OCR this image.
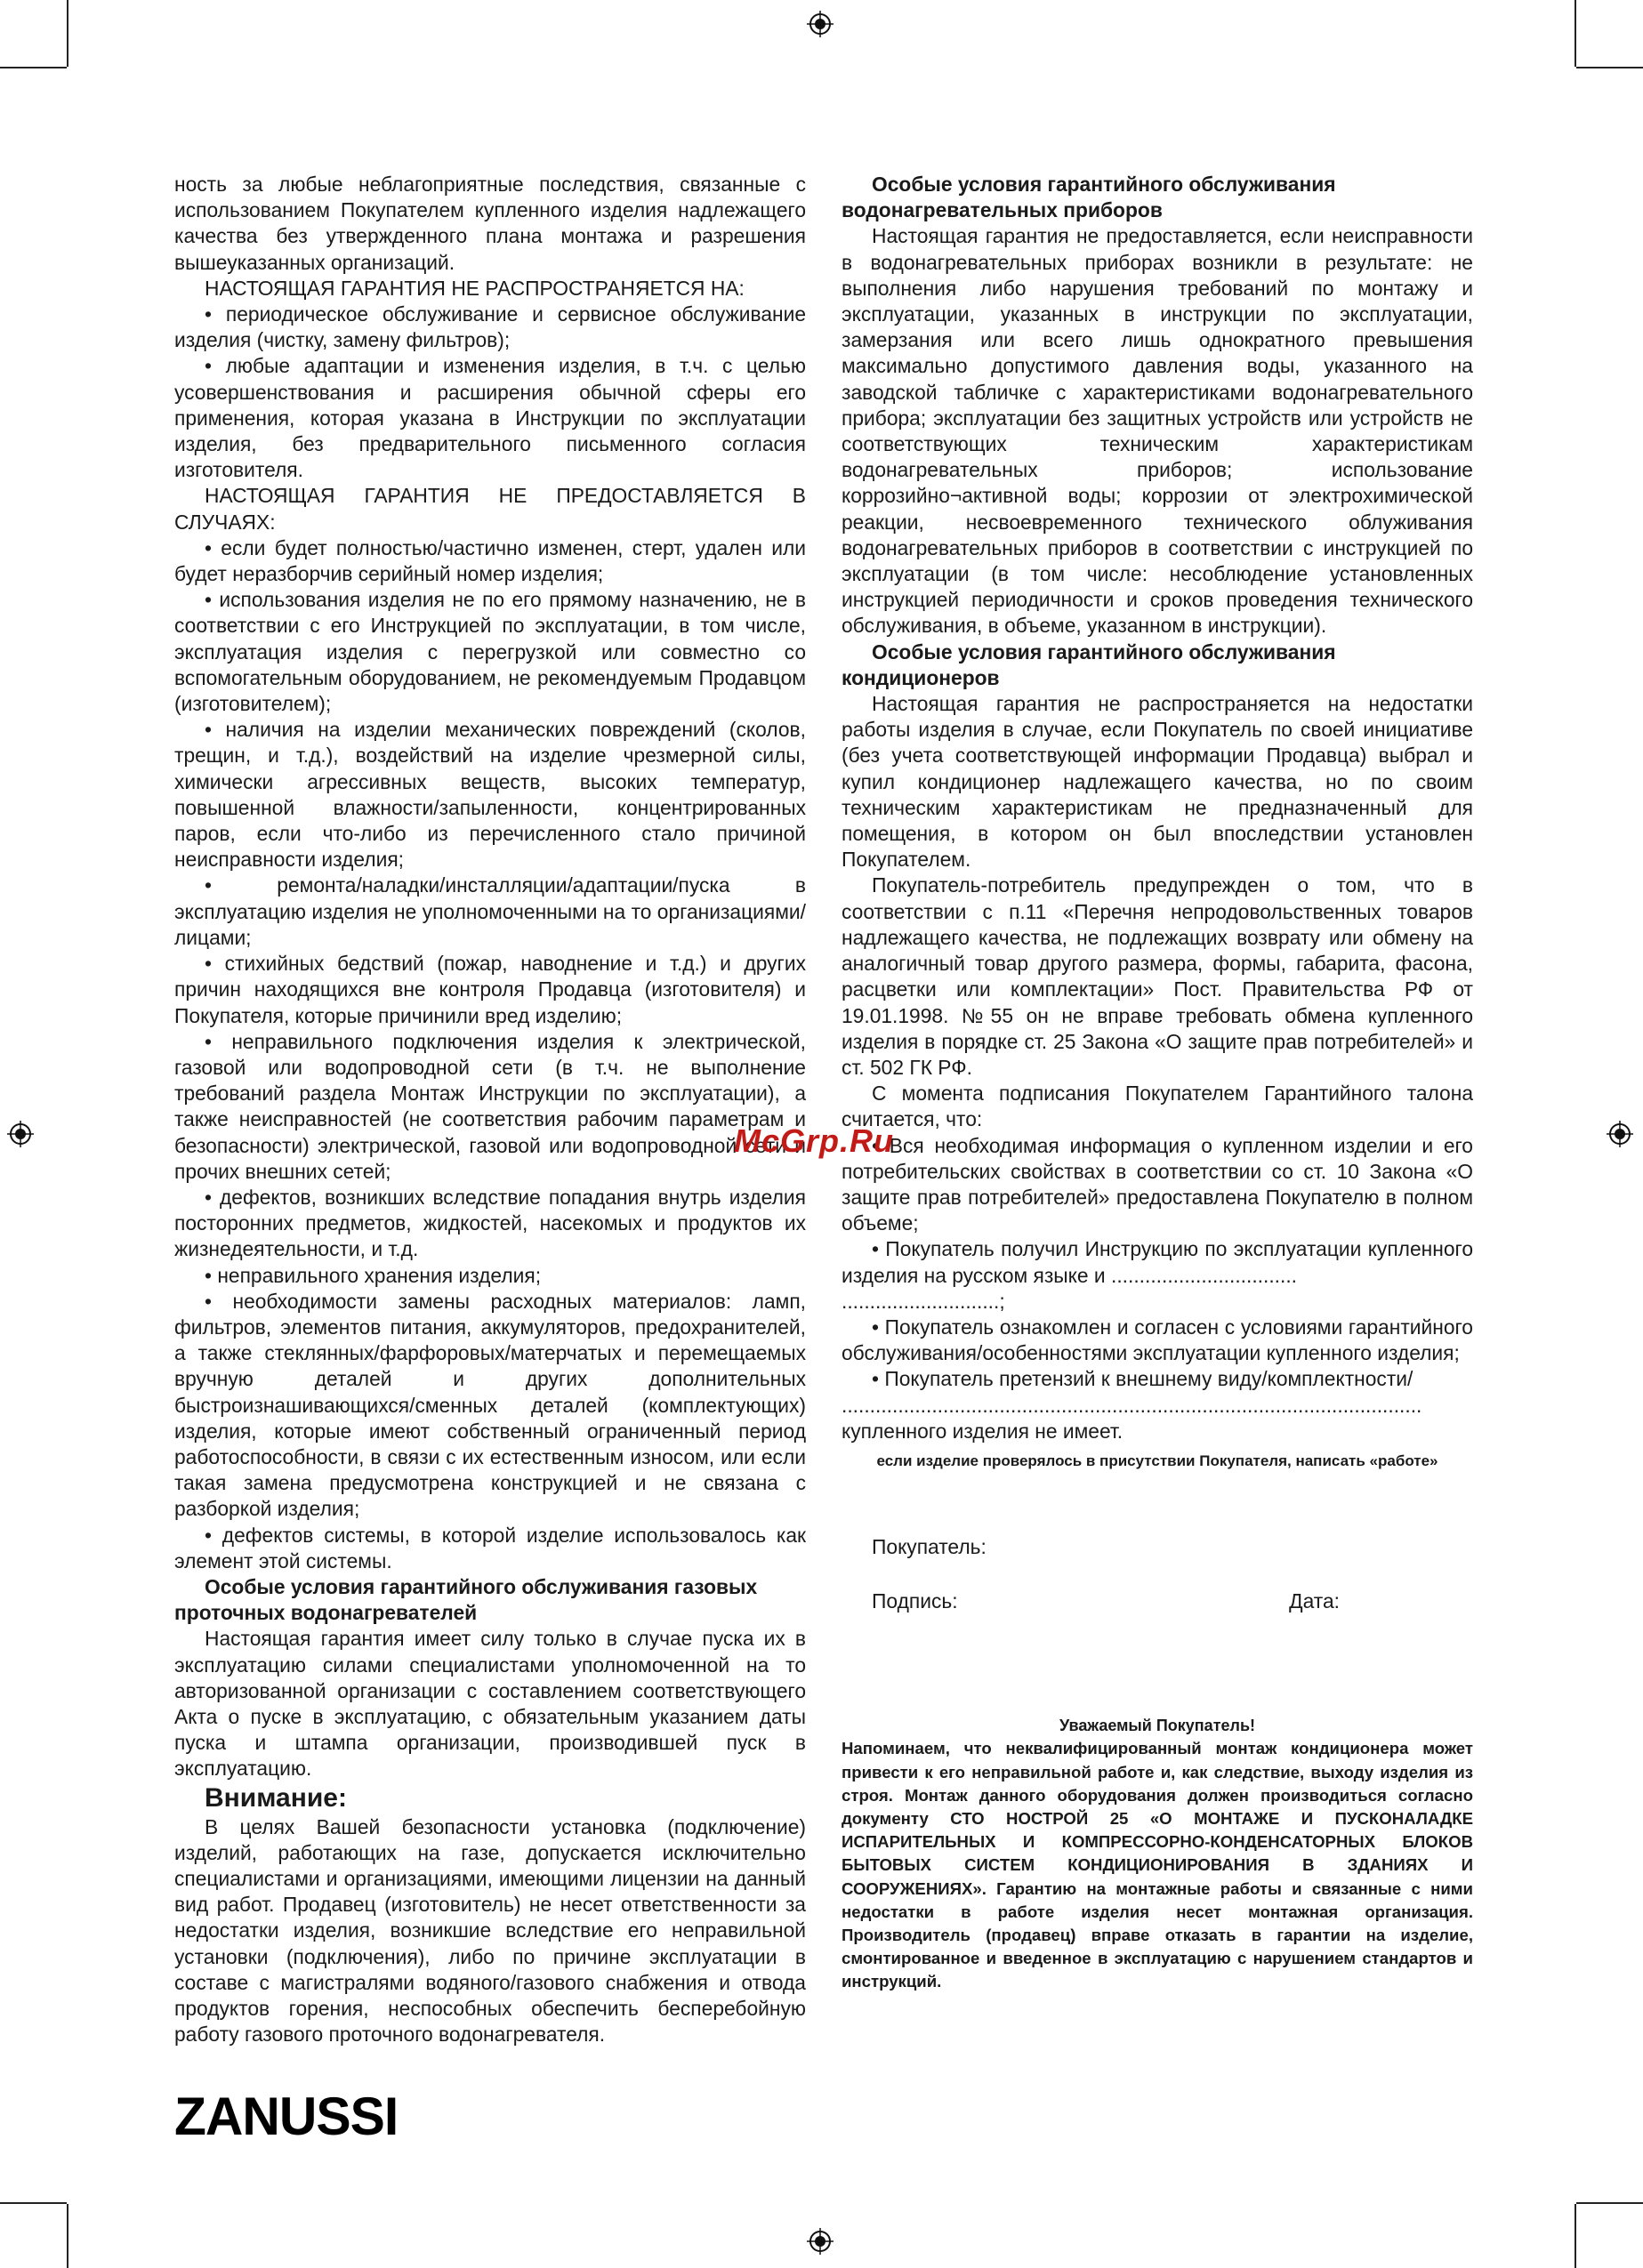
ность за любые неблагоприятные последствия, связанные с использованием Покупателем купленного изделия надлежащего качества без утвержденного плана монтажа и разрешения вышеуказанных организаций.

НАСТОЯЩАЯ ГАРАНТИЯ НЕ РАСПРОСТРАНЯЕТСЯ НА:

• периодическое обслуживание и сервисное обслуживание изделия (чистку, замену фильтров);

• любые адаптации и изменения изделия, в т.ч. с целью усовершенствования и расширения обычной сферы его применения, которая указана в Инструкции по эксплуатации изделия, без предварительного письменного согласия изготовителя.

НАСТОЯЩАЯ ГАРАНТИЯ НЕ ПРЕДОСТАВЛЯЕТСЯ В СЛУЧАЯХ:

• если будет полностью/частично изменен, стерт, удален или будет неразборчив серийный номер изделия;

• использования изделия не по его прямому назначению, не в соответствии с его Инструкцией по эксплуатации, в том числе, эксплуатация изделия с перегрузкой или совместно со вспомогательным оборудованием, не рекомендуемым Продавцом (изготовителем);

• наличия на изделии механических повреждений (сколов, трещин, и т.д.), воздействий на изделие чрезмерной силы, химически агрессивных веществ, высоких температур, повышенной влажности/запыленности, концентрированных паров, если что-либо из перечисленного стало причиной неисправности изделия;

• ремонта/наладки/инсталляции/адаптации/пуска в эксплуатацию изделия не уполномоченными на то организациями/лицами;

• стихийных бедствий (пожар, наводнение и т.д.) и других причин находящихся вне контроля Продавца (изготовителя) и Покупателя, которые причинили вред изделию;

• неправильного подключения изделия к электрической, газовой или водопроводной сети (в т.ч. не выполнение требований раздела Монтаж Инструкции по эксплуатации), а также неисправностей (не соответствия рабочим параметрам и безопасности) электрической, газовой или водопроводной сети и прочих внешних сетей;

• дефектов, возникших вследствие попадания внутрь изделия посторонних предметов, жидкостей, насекомых и продуктов их жизнедеятельности, и т.д.

• неправильного хранения изделия;

• необходимости замены расходных материалов: ламп, фильтров, элементов питания, аккумуляторов, предохранителей, а также стеклянных/фарфоровых/матерчатых и перемещаемых вручную деталей и других дополнительных быстроизнашивающихся/сменных деталей (комплектующих) изделия, которые имеют собственный ограниченный период работоспособности, в связи с их естественным износом, или если такая замена предусмотрена конструкцией и не связана с разборкой изделия;

• дефектов системы, в которой изделие использовалось как элемент этой системы.

Особые условия гарантийного обслуживания газовых проточных водонагревателей

Настоящая гарантия имеет силу только в случае пуска их в эксплуатацию силами специалистами уполномоченной на то авторизованной организации с составлением соответствующего Акта о пуске в эксплуатацию, с обязательным указанием даты пуска и штампа организации, производившей пуск в эксплуатацию.

Внимание:

В целях Вашей безопасности установка (подключение) изделий, работающих на газе, допускается исключительно специалистами и организациями, имеющими лицензии на данный вид работ. Продавец (изготовитель) не несет ответственности за недостатки изделия, возникшие вследствие его неправильной установки (подключения), либо по причине эксплуатации в составе с магистралями водяного/газового снабжения и отвода продуктов горения, неспособных обеспечить бесперебойную работу газового проточного водонагревателя.

Особые условия гарантийного обслуживания водонагревательных приборов

Настоящая гарантия не предоставляется, если неисправности в водонагревательных приборах возникли в результате: не выполнения либо нарушения требований по монтажу и эксплуатации, указанных в инструкции по эксплуатации, замерзания или всего лишь однократного превышения максимально допустимого давления воды, указанного на заводской табличке с характеристиками водонагревательного прибора; эксплуатации без защитных устройств или устройств не соответствующих техническим характеристикам водонагревательных приборов; использование коррозийно¬активной воды; коррозии от электрохимической реакции, несвоевременного технического облуживания водонагревательных приборов в соответствии с инструкцией по эксплуатации (в том числе: несоблюдение установленных инструкцией периодичности и сроков проведения технического обслуживания, в объеме, указанном в инструкции).

Особые условия гарантийного обслуживания кондиционеров

Настоящая гарантия не распространяется на недостатки работы изделия в случае, если Покупатель по своей инициативе (без учета соответствующей информации Продавца) выбрал и купил кондиционер надлежащего качества, но по своим техническим характеристикам не предназначенный для помещения, в котором он был впоследствии установлен Покупателем.

Покупатель-потребитель предупрежден о том, что в соответствии с п.11 «Перечня непродовольственных товаров надлежащего качества, не подлежащих возврату или обмену на аналогичный товар другого размера, формы, габарита, фасона, расцветки или комплектации» Пост. Правительства РФ от 19.01.1998. №55 он не вправе требовать обмена купленного изделия в порядке ст. 25 Закона «О защите прав потребителей» и ст. 502 ГК РФ.

С момента подписания Покупателем Гарантийного талона считается, что:

• Вся необходимая информация о купленном изделии и его потребительских свойствах в соответствии со ст. 10 Закона «О защите прав потребителей» предоставлена Покупателю в полном объеме;

• Покупатель получил Инструкцию по эксплуатации купленного изделия на русском языке и .................................

............................;

• Покупатель ознакомлен и согласен с условиями гарантийного обслуживания/особенностями эксплуатации купленного изделия;

• Покупатель претензий к внешнему виду/комплектности/

.......................................................................................................

купленного изделия не имеет.

если изделие проверялось в присутствии Покупателя, написать «работе»
Покупатель:
Подпись:	Дата:
Уважаемый Покупатель!
Напоминаем, что неквалифицированный монтаж кондиционера может привести к его неправильной работе и, как следствие, выходу изделия из строя. Монтаж данного оборудования должен производиться согласно документу СТО НОСТРОЙ 25 «О МОНТАЖЕ И ПУСКОНАЛАДКЕ ИСПАРИТЕЛЬНЫХ И КОМПРЕССОРНО-КОНДЕНСАТОРНЫХ БЛОКОВ БЫТОВЫХ СИСТЕМ КОНДИЦИОНИРОВАНИЯ В ЗДАНИЯХ И СООРУЖЕНИЯХ». Гарантию на монтажные работы и связанные с ними недостатки в работе изделия несет монтажная организация. Производитель (продавец) вправе отказать в гарантии на изделие, смонтированное и введенное в эксплуатацию с нарушением стандартов и инструкций.
McGrp.Ru
ZANUSSI
